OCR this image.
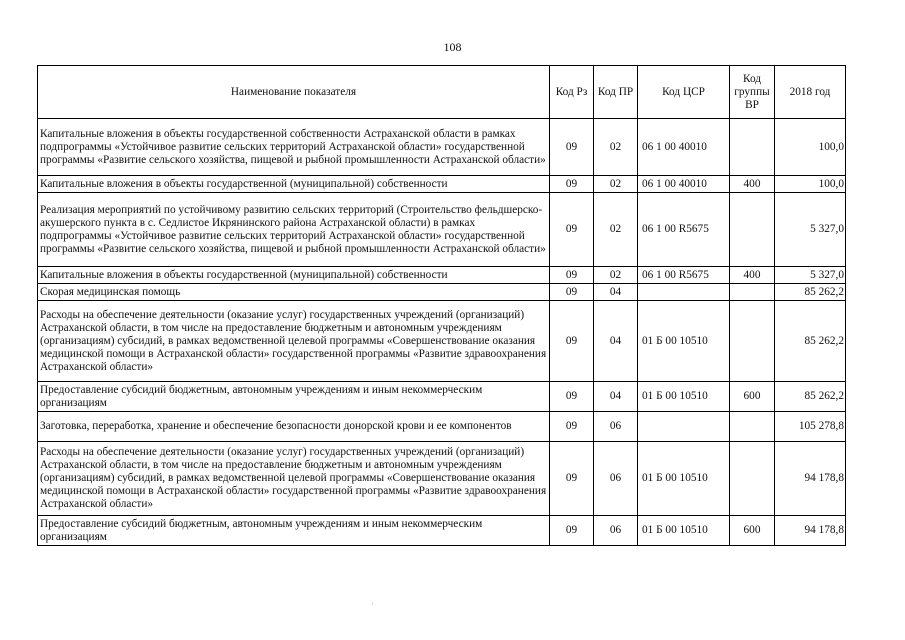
108
Наименование показателя	Код Рз	Код ПР	Код ЦСР	Код группы ВР	2018 год
Капитальные вложения в объекты государственной собственности Астраханской области в рамках подпрограммы «Устойчивое развитие сельских территорий Астраханской области» государственной программы «Развитие сельского хозяйства, пищевой и рыбной промышленности Астраханской области»	09	02	06 1 00 40010		100,0
Капитальные вложения в объекты государственной (муниципальной) собственности	09	02	06 1 00 40010	400	100,0
Реализация мероприятий по устойчивому развитию сельских территорий (Строительство фельдшерско-акушерского пункта в с. Седлистое Икрянинского района Астраханской области) в рамках подпрограммы «Устойчивое развитие сельских территорий Астраханской области» государственной программы «Развитие сельского хозяйства, пищевой и рыбной промышленности Астраханской области»	09	02	06 1 00 R5675		5 327,0
Капитальные вложения в объекты государственной (муниципальной) собственности	09	02	06 1 00 R5675	400	5 327,0
Скорая медицинская помощь	09	04			85 262,2
Расходы на обеспечение деятельности (оказание услуг) государственных учреждений (организаций) Астраханской области, в том числе на предоставление бюджетным и автономным учреждениям (организациям) субсидий, в рамках ведомственной целевой программы «Совершенствование оказания медицинской помощи в Астраханской области» государственной программы «Развитие здравоохранения Астраханской области»	09	04	01 Б 00 10510		85 262,2
Предоставление субсидий бюджетным, автономным учреждениям и иным некоммерческим организациям	09	04	01 Б 00 10510	600	85 262,2
Заготовка, переработка, хранение и обеспечение безопасности донорской крови и ее компонентов	09	06			105 278,8
Расходы на обеспечение деятельности (оказание услуг) государственных учреждений (организаций) Астраханской области, в том числе на предоставление бюджетным и автономным учреждениям (организациям) субсидий, в рамках ведомственной целевой программы «Совершенствование оказания медицинской помощи в Астраханской области» государственной программы «Развитие здравоохранения Астраханской области»	09	06	01 Б 00 10510		94 178,8
Предоставление субсидий бюджетным, автономным учреждениям и иным некоммерческим организациям	09	06	01 Б 00 10510	600	94 178,8
